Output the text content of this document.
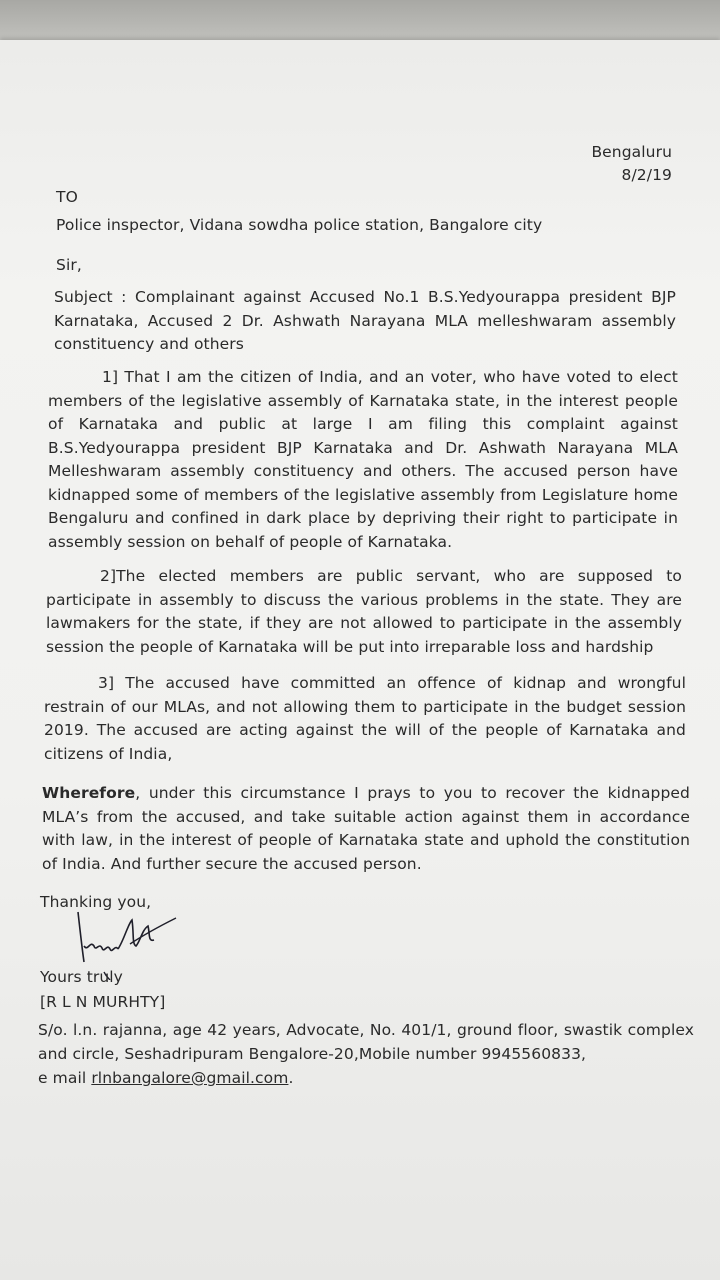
Bengaluru
8/2/19
TO
Police inspector, Vidana sowdha police station, Bangalore city
Sir,
Subject : Complainant against Accused No.1 B.S.Yedyourappa president BJP Karnataka, Accused 2 Dr. Ashwath Narayana MLA melleshwaram assembly constituency and others
1] That I am the citizen of India, and an voter, who have voted to elect members of the legislative assembly of Karnataka state, in the interest people of Karnataka and public at large I am filing this complaint against B.S.Yedyourappa president BJP Karnataka and Dr. Ashwath Narayana MLA Melleshwaram assembly constituency and others. The accused person have kidnapped some of members of the legislative assembly from Legislature home Bengaluru and confined in dark place by depriving their right to participate in assembly session on behalf of people of Karnataka.
2]The elected members are public servant, who are supposed to participate in assembly to discuss the various problems in the state. They are lawmakers for the state, if they are not allowed to participate in the assembly session the people of Karnataka will be put into irreparable loss and hardship
3] The accused have committed an offence of kidnap and wrongful restrain of our MLAs, and not allowing them to participate in the budget session 2019. The accused are acting against the will of the people of Karnataka and citizens of India,
Wherefore, under this circumstance I prays to you to recover the kidnapped MLA’s from the accused, and take suitable action against them in accordance with law, in the interest of people of Karnataka state and uphold the constitution of India. And further secure the accused person.
Thanking you,
Yours truly
[R L N MURHTY]
S/o. l.n. rajanna, age 42 years, Advocate, No. 401/1, ground floor, swastik complex and circle, Seshadripuram Bengalore-20,Mobile number 9945560833,
e mail rlnbangalore@gmail.com.
